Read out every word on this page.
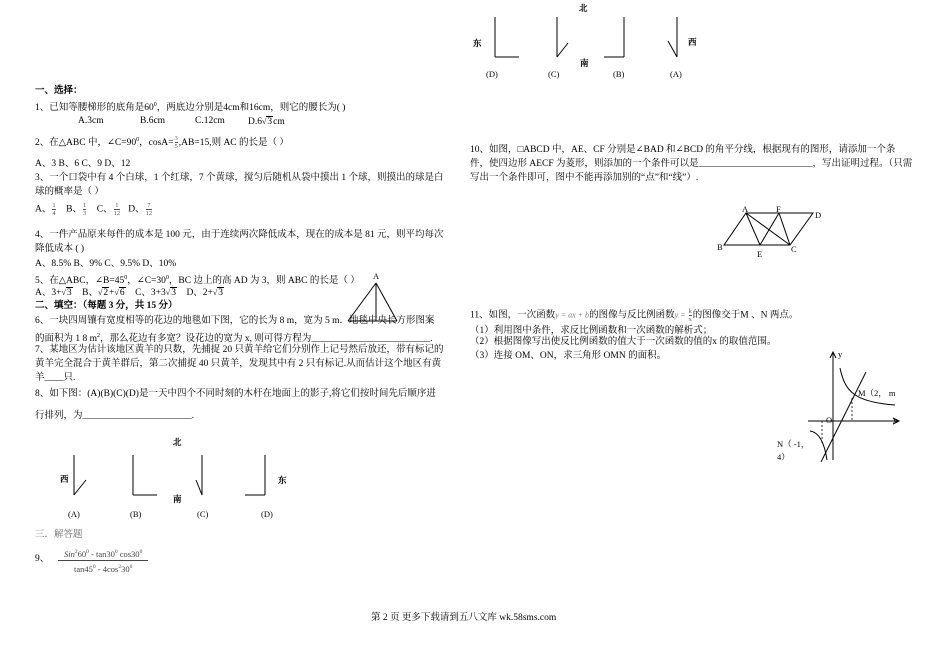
北
东
南
西
(D)	(C)	(B)	(A)
一、选择：
1、已知等腰梯形的底角是$60^0$，两底边分别是4cm和16cm，则它的腰长为( )
A.3cm	B.6cm	C.12cm D.6√3cm
2、在△ABC 中，$\angle C=90^0$，$\cos A= \frac{3}{5} ,AB=15$,则 AC 的长是（ ）
A、3 B、6 C、9 D、12
3、一个口袋中有 4 个白球，1 个红球，7 个黄球，搅匀后随机从袋中摸出 1 个球，则摸出的球是白
球的概率是（ ）
A、 $\frac{1}{4}$ B、 $\frac{1}{3}$ C、 $\frac{1}{12}$ D、 $\frac{7}{12}$
4、一件产品原来每件的成本是 100 元，由于连续两次降低成本，现在的成本是 81 元，则平均每次
降低成本 ( )
A、8.5% B、9% C、9.5% D、10%
5、在△ABC，$\angle B=45^0$，$\angle C=30^0$，BC 边上的高 AD 为 3，则 ABC 的长是（ ）
A、3+√3 B、√2+√6 C、3+3√3 D、2+√3
A
二、填空：（每题 3 分，共 15 分）
6、一块四周镶有宽度相等的花边的地毯如下图，它的长为 8 m，宽为 5 m．地毯中央长方形图案
的面积为 1 8 $m^2$，那么花边有多宽？设花边的宽为 x, 则可得方程为_________________________.
7、某地区为估计该地区黄羊的只数，先捕捉 20 只黄羊给它们分别作上记号然后放还，带有标记的
黄羊完全混合于黄羊群后，第二次捕捉 40 只黄羊，发现其中有 2 只有标记.从而估计这个地区有黄
羊____只.
8、如下图：(A)(B)(C)(D)是一天中四个不同时刻的木杆在地面上的影子,将它们按时间先后顺序进
行排列，为_______________________.
北
西
南
东
(A)	(B)	(C)	(D)
三．解答题
9、
$Sin^260^0 - \tan 30^0$ $\cos 30^0$
$\tan 45^0 - 4\cos^230^0$
10、如图，□ABCD 中，AE、CF 分别是∠BAD 和∠BCD 的角平分线，根据现有的图形，请添加一个条
件，使四边形 AECF 为菱形，则添加的一个条件可以是________________________，写出证明过程。（只需
写出一个条件即可，图中不能再添加别的“点”和“线”）.
A	F
D
B
E	C
11、如图，一次函数y = ax + b的图像与反比例函数$y = \frac{k}{x}$ 的图像交于M 、N 两点。
（1）利用图中条件，求反比例函数和一次函数的解析式；
（2）根据图像写出使反比例函数的值大于一次函数的值的x 的取值范围。
（3）连接 OM、ON，求三角形 OMN 的面积。	y
x
O
M（2， m
N（ -1，
4）
第 2 页 更多下载请到五八文库 wk.58sms.com
